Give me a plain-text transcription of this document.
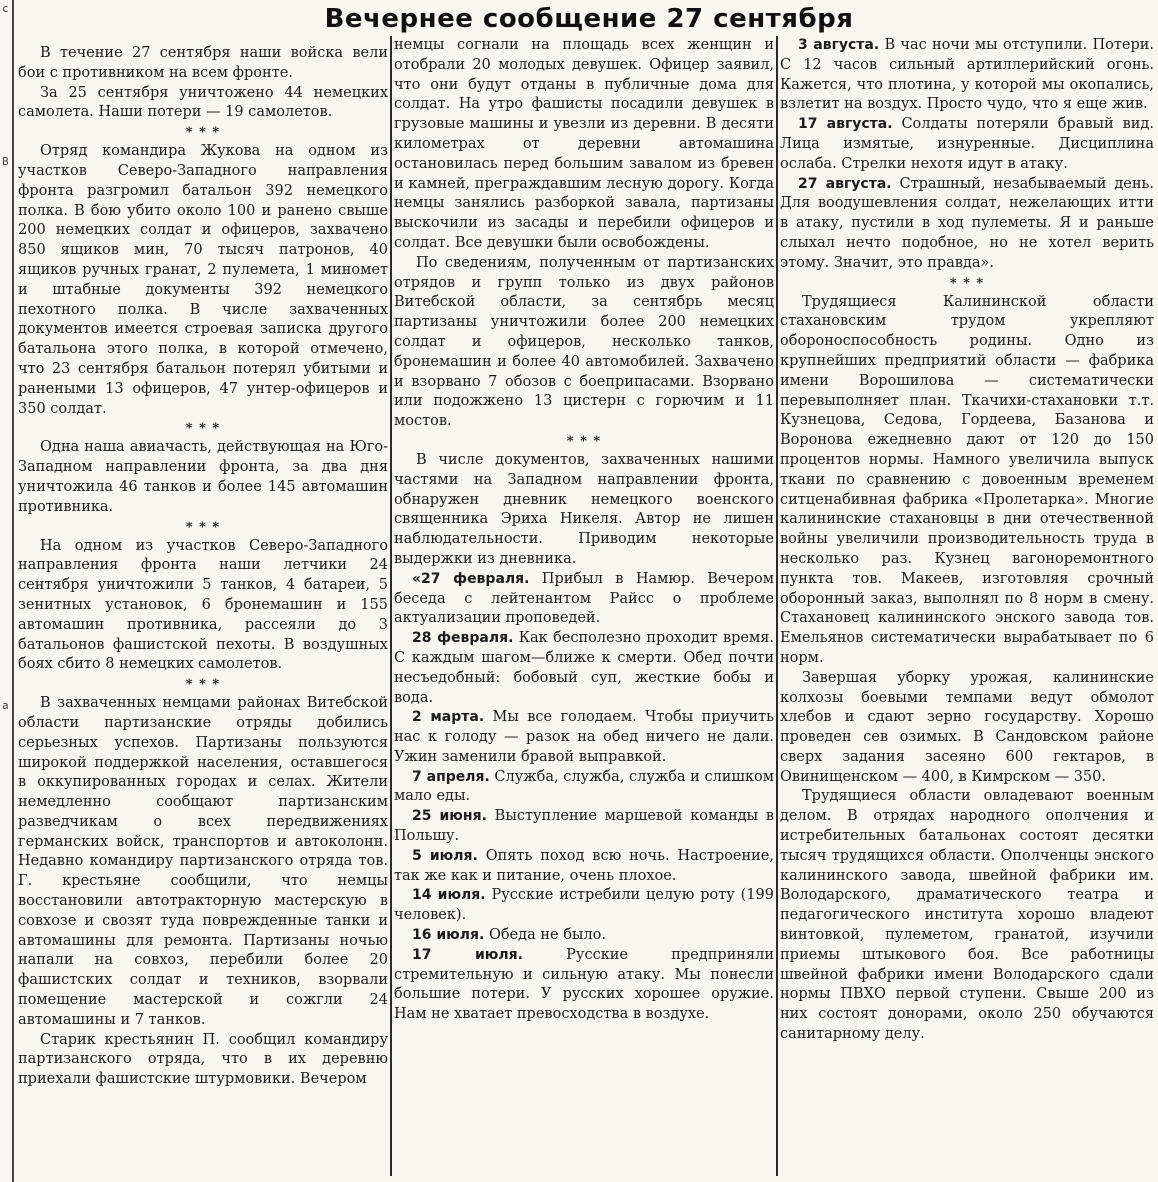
с

В

а

Вечернее сообщение 27 сентября

В течение 27 сентября наши войска вели бои с противником на всем фронте.

За 25 сентября уничтожено 44 немецких самолета. Наши потери — 19 самолетов.

* * *

Отряд командира Жукова на одном из участков Северо-Западного направления фронта разгромил батальон 392 немецкого полка. В бою убито около 100 и ранено свыше 200 немецких солдат и офицеров, захвачено 850 ящиков мин, 70 тысяч патронов, 40 ящиков ручных гранат, 2 пулемета, 1 миномет и штабные документы 392 немецкого пехотного полка. В числе захваченных документов имеется строевая записка другого батальона этого полка, в которой отмечено, что 23 сентября батальон потерял убитыми и ранеными 13 офицеров, 47 унтер-офицеров и 350 солдат.

* * *

Одна наша авиачасть, действующая на Юго-Западном направлении фронта, за два дня уничтожила 46 танков и более 145 автомашин противника.

* * *

На одном из участков Северо-Западного направления фронта наши летчики 24 сентября уничтожили 5 танков, 4 батареи, 5 зенитных установок, 6 бронемашин и 155 автомашин противника, рассеяли до 3 батальонов фашистской пехоты. В воздушных боях сбито 8 немецких самолетов.

* * *

В захваченных немцами районах Витебской области партизанские отряды добились серьезных успехов. Партизаны пользуются широкой поддержкой населения, оставшегося в оккупированных городах и селах. Жители немедленно сообщают партизанским разведчикам о всех передвижениях германских войск, транспортов и автоколонн. Недавно командиру партизанского отряда тов. Г. крестьяне сообщили, что немцы восстановили автотракторную мастерскую в совхозе и свозят туда поврежденные танки и автомашины для ремонта. Партизаны ночью напали на совхоз, перебили более 20 фашистских солдат и техников, взорвали помещение мастерской и сожгли 24 автомашины и 7 танков.

Старик крестьянин П. сообщил командиру партизанского отряда, что в их деревню приехали фашистские штурмовики. Вечером

немцы согнали на площадь всех женщин и отобрали 20 молодых девушек. Офицер заявил, что они будут отданы в публичные дома для солдат. На утро фашисты посадили девушек в грузовые машины и увезли из деревни. В десяти километрах от деревни автомашина остановилась перед большим завалом из бревен и камней, преграждавшим лесную дорогу. Когда немцы занялись разборкой завала, партизаны выскочили из засады и перебили офицеров и солдат. Все девушки были освобождены.

По сведениям, полученным от партизанских отрядов и групп только из двух районов Витебской области, за сентябрь месяц партизаны уничтожили более 200 немецких солдат и офицеров, несколько танков, бронемашин и более 40 автомобилей. Захвачено и взорвано 7 обозов с боеприпасами. Взорвано или подожжено 13 цистерн с горючим и 11 мостов.

* * *

В числе документов, захваченных нашими частями на Западном направлении фронта, обнаружен дневник немецкого военского священника Эриха Никеля. Автор не лишен наблюдательности. Приводим некоторые выдержки из дневника.

«27 февраля. Прибыл в Намюр. Вечером беседа с лейтенантом Райсс о проблеме актуализации проповедей.

28 февраля. Как бесполезно проходит время. С каждым шагом—ближе к смерти. Обед почти несъедобный: бобовый суп, жесткие бобы и вода.

2 марта. Мы все голодаем. Чтобы приучить нас к голоду — разок на обед ничего не дали. Ужин заменили бравой выправкой.

7 апреля. Служба, служба, служба и слишком мало еды.

25 июня. Выступление маршевой команды в Польшу.

5 июля. Опять поход всю ночь. Настроение, так же как и питание, очень плохое.

14 июля. Русские истребили целую роту (199 человек).

16 июля. Обеда не было.

17 июля. Русские предприняли стремительную и сильную атаку. Мы понесли большие потери. У русских хорошее оружие. Нам не хватает превосходства в воздухе.

3 августа. В час ночи мы отступили. Потери. С 12 часов сильный артиллерийский огонь. Кажется, что плотина, у которой мы окопались, взлетит на воздух. Просто чудо, что я еще жив.

17 августа. Солдаты потеряли бравый вид. Лица измятые, изнуренные. Дисциплина ослаба. Стрелки нехотя идут в атаку.

27 августа. Страшный, незабываемый день. Для воодушевления солдат, нежелающих итти в атаку, пустили в ход пулеметы. Я и раньше слыхал нечто подобное, но не хотел верить этому. Значит, это правда».

* * *

Трудящиеся Калининской области стахановским трудом укрепляют обороноспособность родины. Одно из крупнейших предприятий области — фабрика имени Ворошилова — систематически перевыполняет план. Ткачихи-стахановки т.т. Кузнецова, Седова, Гордеева, Базанова и Воронова ежедневно дают от 120 до 150 процентов нормы. Намного увеличила выпуск ткани по сравнению с довоенным временем ситценабивная фабрика «Пролетарка». Многие калининские стахановцы в дни отечественной войны увеличили производительность труда в несколько раз. Кузнец вагоноремонтного пункта тов. Макеев, изготовляя срочный оборонный заказ, выполнял по 8 норм в смену. Стахановец калининского энского завода тов. Емельянов систематически вырабатывает по 6 норм.

Завершая уборку урожая, калининские колхозы боевыми темпами ведут обмолот хлебов и сдают зерно государству. Хорошо проведен сев озимых. В Сандовском районе сверх задания засеяно 600 гектаров, в Овинищенском — 400, в Кимрском — 350.

Трудящиеся области овладевают военным делом. В отрядах народного ополчения и истребительных батальонах состоят десятки тысяч трудящихся области. Ополченцы энского калининского завода, швейной фабрики им. Володарского, драматического театра и педагогического института хорошо владеют винтовкой, пулеметом, гранатой, изучили приемы штыкового боя. Все работницы швейной фабрики имени Володарского сдали нормы ПВХО первой ступени. Свыше 200 из них состоят донорами, около 250 обучаются санитарному делу.
